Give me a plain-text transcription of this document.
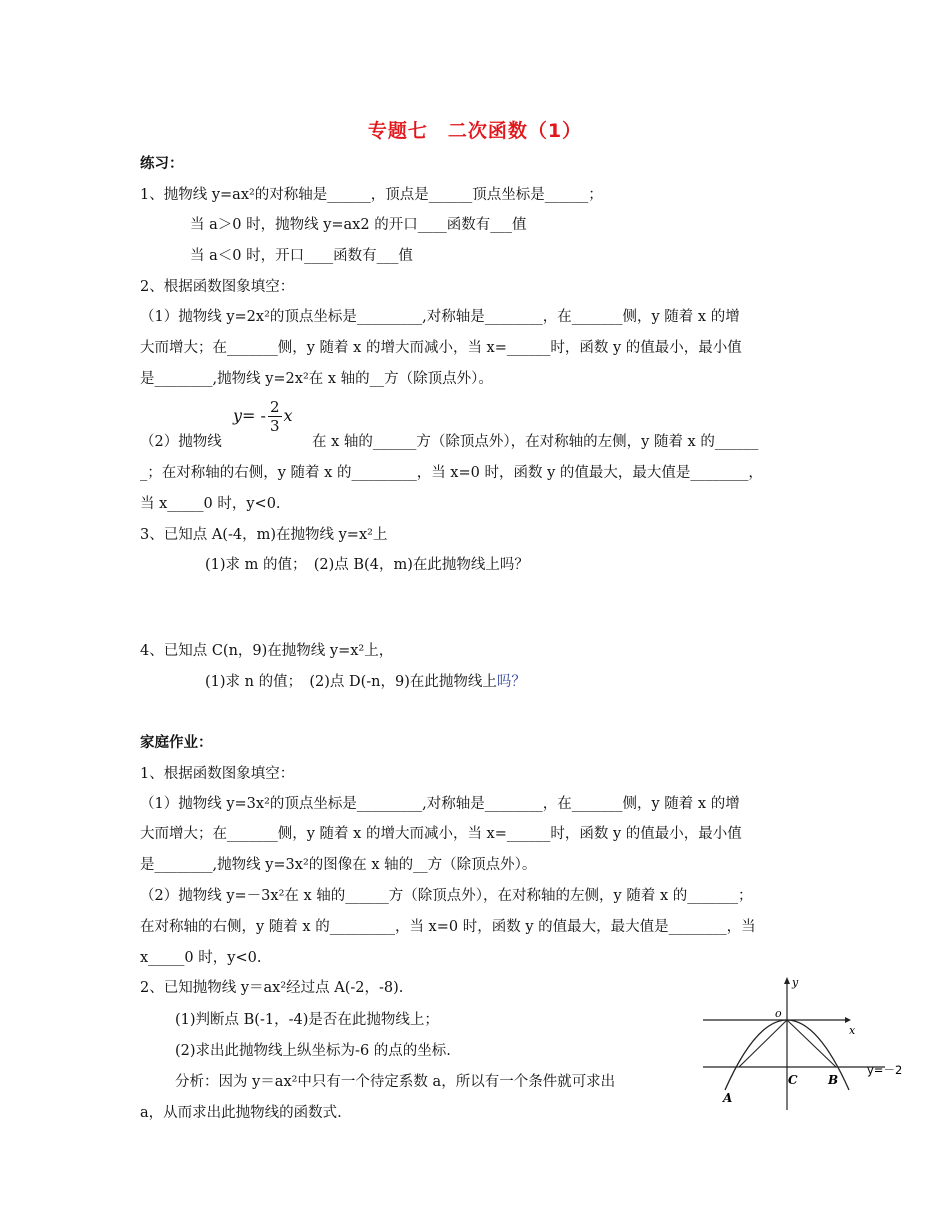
专题七　二次函数（1）
练习：
1、抛物线 y=ax²的对称轴是______，顶点是______顶点坐标是______；
当 a＞0 时，抛物线 y=ax2 的开口____函数有___值
当 a＜0 时，开口____函数有___值
2、根据函数图象填空：
（1）抛物线 y=2x²的顶点坐标是_________,对称轴是________，在_______侧，y 随着 x 的增
大而增大；在_______侧，y 随着 x 的增大而减小，当 x=______时，函数 y 的值最小，最小值
是________,抛物线 y=2x²在 x 轴的__方（除顶点外）。
$y= - \frac{2}{3}$ x
（2）抛物线	在 x 轴的______方（除顶点外），在对称轴的左侧，y 随着 x 的______
_；在对称轴的右侧，y 随着 x 的_________，当 x=0 时，函数 y 的值最大，最大值是________，
当 x_____0 时，y<0.
3、已知点 A(-4，m)在抛物线 y=x²上
(1)求 m 的值；　(2)点 B(4，m)在此抛物线上吗？
4、已知点 C(n，9)在抛物线 y=x²上，
(1)求 n 的值；　(2)点 D(-n，9)在此抛物线上吗？
家庭作业：
1、根据函数图象填空：
（1）抛物线 y=3x²的顶点坐标是_________,对称轴是________，在_______侧，y 随着 x 的增
大而增大；在_______侧，y 随着 x 的增大而减小，当 x=______时，函数 y 的值最小，最小值
是________,抛物线 y=3x²的图像在 x 轴的__方（除顶点外）。
（2）抛物线 y=－3x²在 x 轴的______方（除顶点外），在对称轴的左侧，y 随着 x 的_______；
在对称轴的右侧，y 随着 x 的_________，当 x=0 时，函数 y 的值最大，最大值是________，当
x_____0 时，y<0.
2、已知抛物线 y＝ax²经过点 A(-2，-8).
(1)判断点 B(-1，-4)是否在此抛物线上；
(2)求出此抛物线上纵坐标为-6 的点的坐标.
分析：因为 y＝ax²中只有一个待定系数 a，所以有一个条件就可求出
a，从而求出此抛物线的函数式.
y
x
o
A
B
C
y=－2
